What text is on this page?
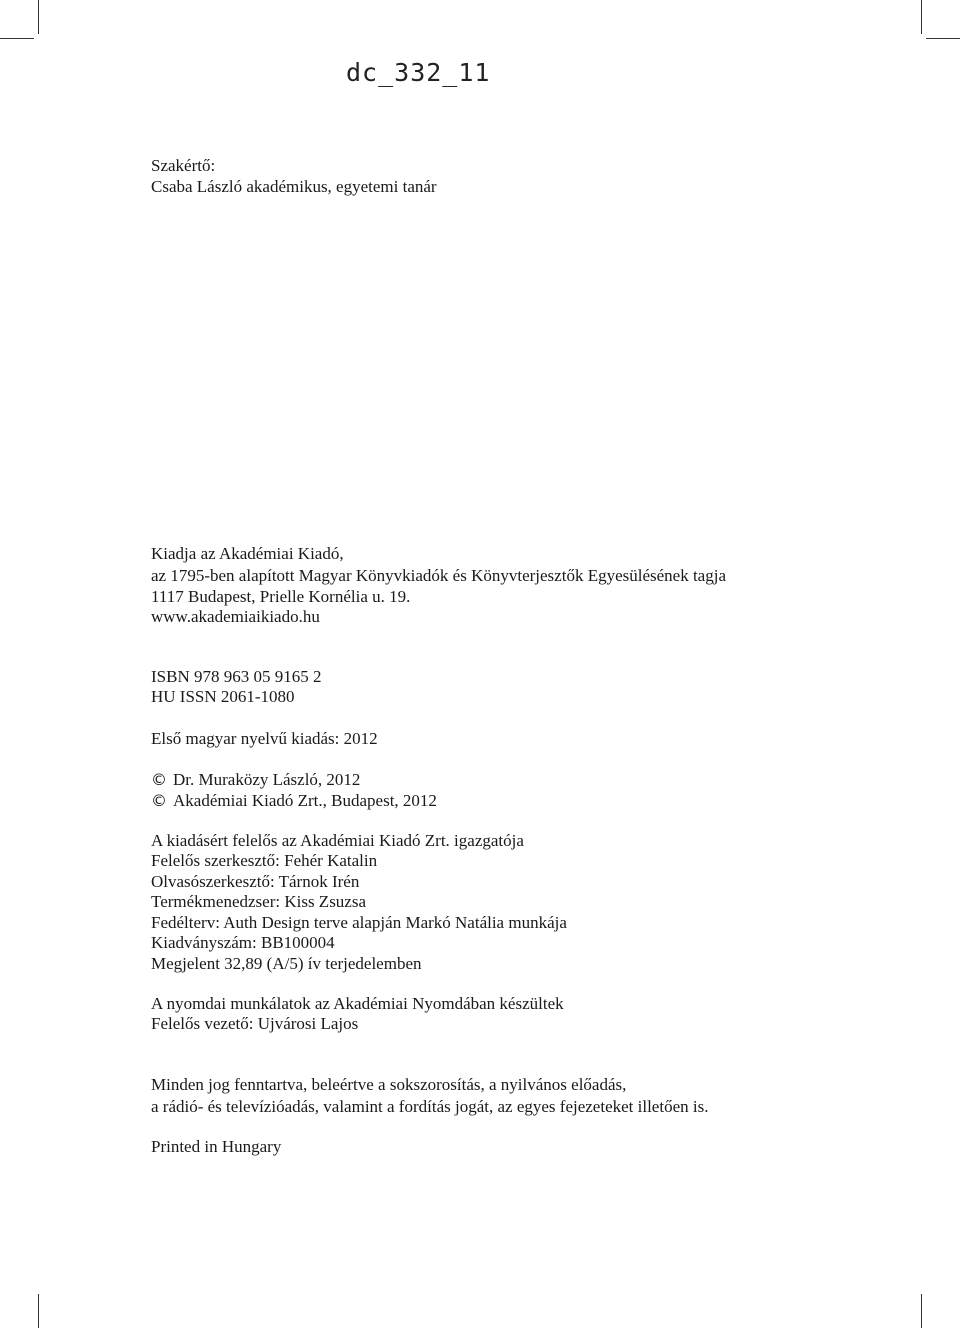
dc_332_11
Szakértő:
Csaba László akadémikus, egyetemi tanár
Kiadja az Akadémiai Kiadó,
az 1795-ben alapított Magyar Könyvkiadók és Könyvterjesztők Egyesülésének tagja
1117 Budapest, Prielle Kornélia u. 19.
www.akademiaikiado.hu
ISBN 978 963 05 9165 2
HU ISSN 2061-1080
Első magyar nyelvű kiadás: 2012
© Dr. Muraközy László, 2012
© Akadémiai Kiadó Zrt., Budapest, 2012
A kiadásért felelős az Akadémiai Kiadó Zrt. igazgatója
Felelős szerkesztő: Fehér Katalin
Olvasószerkesztő: Tárnok Irén
Termékmenedzser: Kiss Zsuzsa
Fedélterv: Auth Design terve alapján Markó Natália munkája
Kiadványszám: BB100004
Megjelent 32,89 (A/5) ív terjedelemben
A nyomdai munkálatok az Akadémiai Nyomdában készültek
Felelős vezető: Ujvárosi Lajos
Minden jog fenntartva, beleértve a sokszorosítás, a nyilvános előadás,
a rádió- és televízióadás, valamint a fordítás jogát, az egyes fejezeteket illetően is.
Printed in Hungary
